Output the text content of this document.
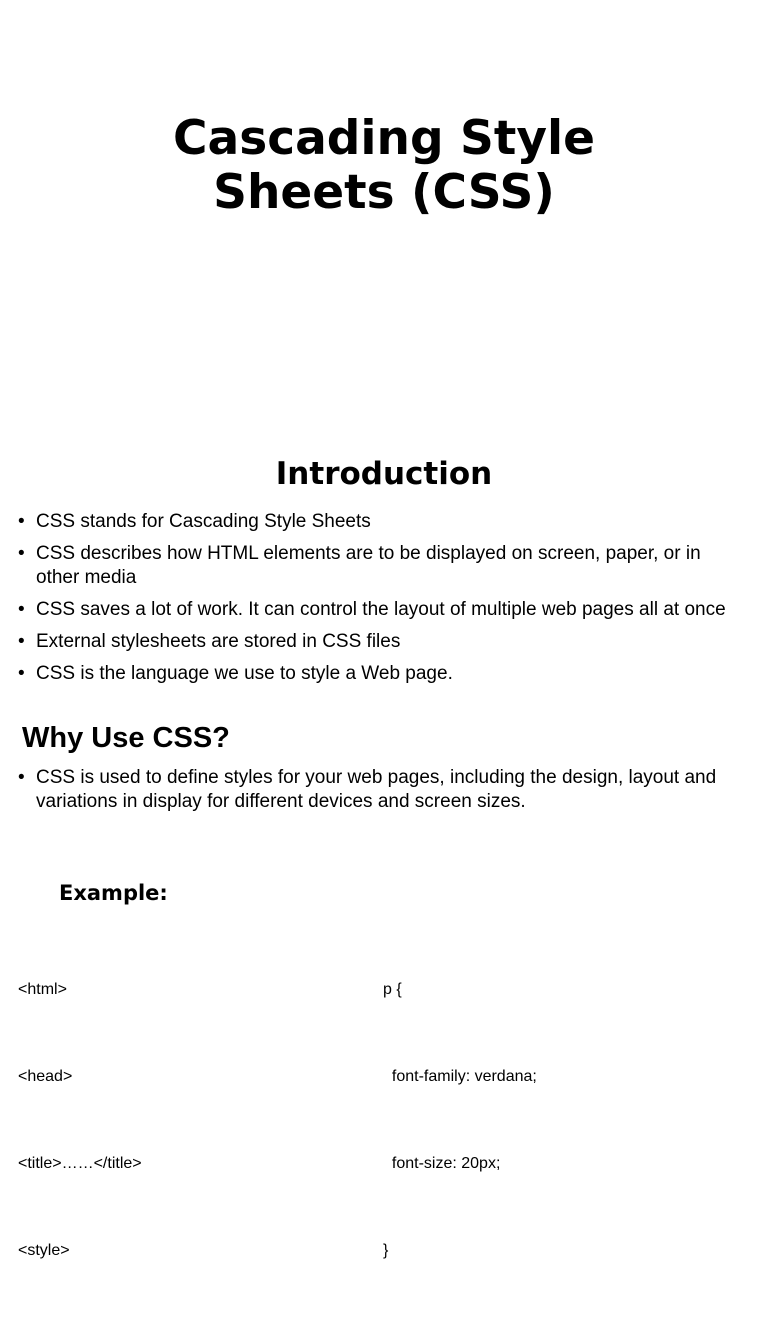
Cascading Style
Sheets (CSS)
Introduction
• CSS stands for Cascading Style Sheets
• CSS describes how HTML elements are to be displayed on screen, paper, or in other media
• CSS saves a lot of work. It can control the layout of multiple web pages all at once
• External stylesheets are stored in CSS files
• CSS is the language we use to style a Web page.
Why Use CSS?
• CSS is used to define styles for your web pages, including the design, layout and variations in display for different devices and screen sizes.
Example:

<html>

<head>

<title>……</title>

<style>

p {

font-family: verdana;

font-size: 20px;

}
